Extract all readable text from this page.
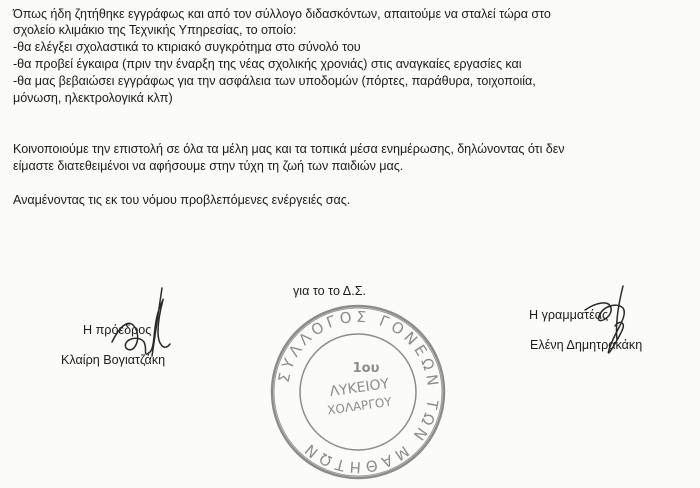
Όπως ήδη ζητήθηκε εγγράφως και από τον σύλλογο διδασκόντων, απαιτούμε να σταλεί τώρα στο
σχολείο κλιμάκιο της Τεχνικής Υπηρεσίας, το οποίο:
-θα ελέγξει σχολαστικά το κτιριακό συγκρότημα στο σύνολό του
-θα προβεί έγκαιρα (πριν την έναρξη της νέας σχολικής χρονιάς) στις αναγκαίες εργασίες και
-θα μας βεβαιώσει εγγράφως για την ασφάλεια των υποδομών (πόρτες, παράθυρα, τοιχοποιία,
μόνωση, ηλεκτρολογικά κλπ)
Κοινοποιούμε την επιστολή σε όλα τα μέλη μας και τα τοπικά μέσα ενημέρωσης, δηλώνοντας ότι δεν
είμαστε διατεθειμένοι να αφήσουμε στην τύχη τη ζωή των παιδιών μας.
Αναμένοντας τις εκ του νόμου προβλεπόμενες ενέργειές σας.
για το το Δ.Σ.
Η πρόεδρος
Κλαίρη Βογιατζάκη
Η γραμματέας
Ελένη Δημητρακάκη
ΣΥΛΛΟΓΟΣ ΓΟΝΕΩΝ ΤΩΝ ΜΑΘΗΤΩΝ
1ου
ΛΥΚΕΙΟΥ
ΧΟΛΑΡΓΟΥ
